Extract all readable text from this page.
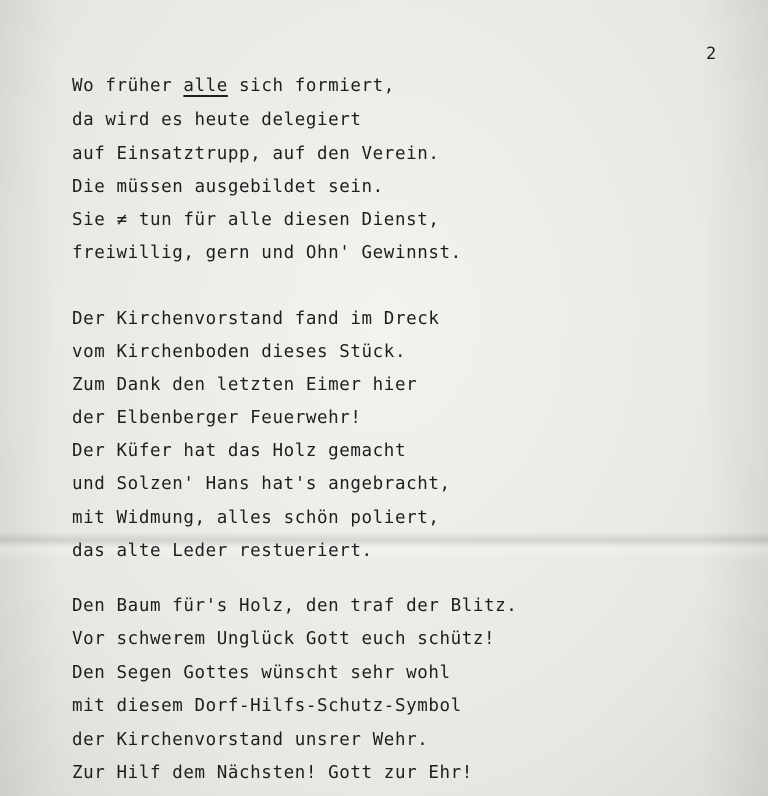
2
Wo früher alle sich formiert,
da wird es heute delegiert
auf Einsatztrupp, auf den Verein.
Die müssen ausgebildet sein.
Sie ≠ tun für alle diesen Dienst,
freiwillig, gern und Ohn' Gewinnst.
Der Kirchenvorstand fand im Dreck
vom Kirchenboden dieses Stück.
Zum Dank den letzten Eimer hier
der Elbenberger Feuerwehr!
Der Küfer hat das Holz gemacht
und Solzen' Hans hat's angebracht,
mit Widmung, alles schön poliert,
das alte Leder restueriert.
Den Baum für's Holz, den traf der Blitz.
Vor schwerem Unglück Gott euch schütz!
Den Segen Gottes wünscht sehr wohl
mit diesem Dorf-Hilfs-Schutz-Symbol
der Kirchenvorstand unsrer Wehr.
Zur Hilf dem Nächsten! Gott zur Ehr!
